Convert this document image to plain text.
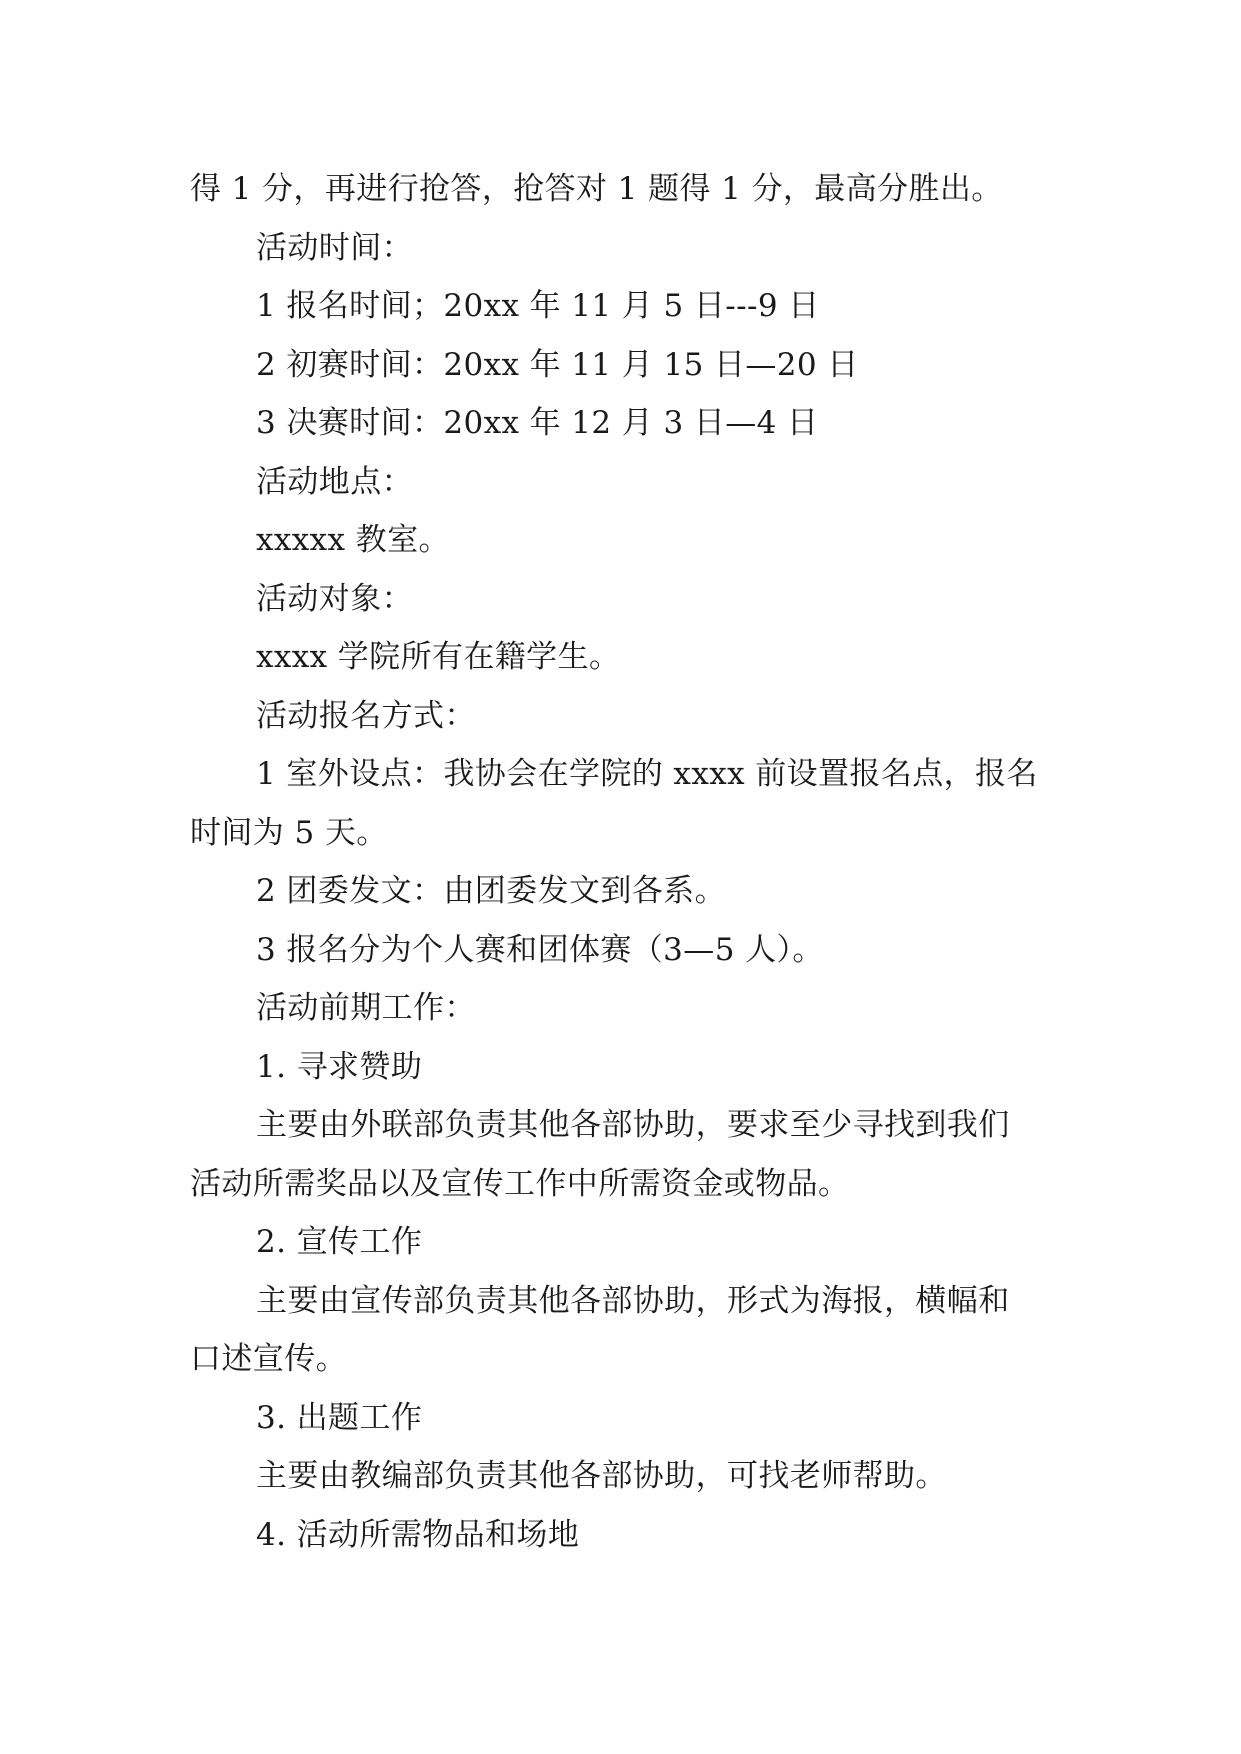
得 1 分，再进行抢答，抢答对 1 题得 1 分，最高分胜出。

活动时间：

1 报名时间；20xx 年 11 月 5 日---9 日

2 初赛时间：20xx 年 11 月 15 日—20 日

3 决赛时间：20xx 年 12 月 3 日—4 日

活动地点：

xxxxx 教室。

活动对象：

xxxx 学院所有在籍学生。

活动报名方式：

1 室外设点：我协会在学院的 xxxx 前设置报名点，报名
时间为 5 天。

2 团委发文：由团委发文到各系。

3 报名分为个人赛和团体赛（3—5 人）。

活动前期工作：

1. 寻求赞助

主要由外联部负责其他各部协助，要求至少寻找到我们
活动所需奖品以及宣传工作中所需资金或物品。

2. 宣传工作

主要由宣传部负责其他各部协助，形式为海报，横幅和
口述宣传。

3. 出题工作

主要由教编部负责其他各部协助，可找老师帮助。

4. 活动所需物品和场地
